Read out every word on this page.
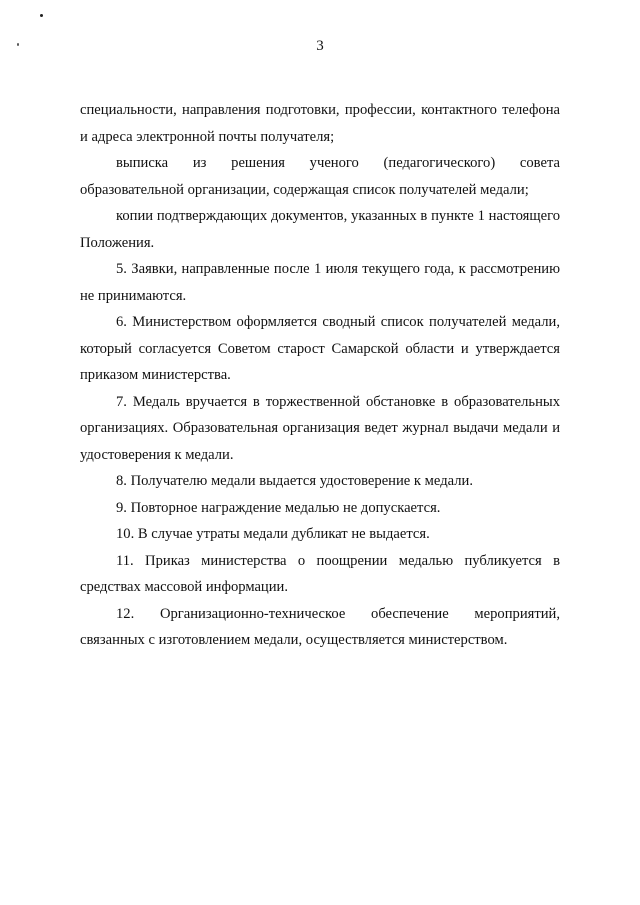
3

специальности, направления подготовки, профессии, контактного телефона и адреса электронной почты получателя;

выписка из решения ученого (педагогического) совета образовательной организации, содержащая список получателей медали;

копии подтверждающих документов, указанных в пункте 1 настоящего Положения.

5. Заявки, направленные после 1 июля текущего года, к рассмотрению не принимаются.

6. Министерством оформляется сводный список получателей медали, который согласуется Советом старост Самарской области и утверждается приказом министерства.

7. Медаль вручается в торжественной обстановке в образовательных организациях. Образовательная организация ведет журнал выдачи медали и удостоверения к медали.

8. Получателю медали выдается удостоверение к медали.

9. Повторное награждение медалью не допускается.

10. В случае утраты медали дубликат не выдается.

11. Приказ министерства о поощрении медалью публикуется в средствах массовой информации.

12. Организационно-техническое обеспечение мероприятий, связанных с изготовлением медали, осуществляется министерством.
